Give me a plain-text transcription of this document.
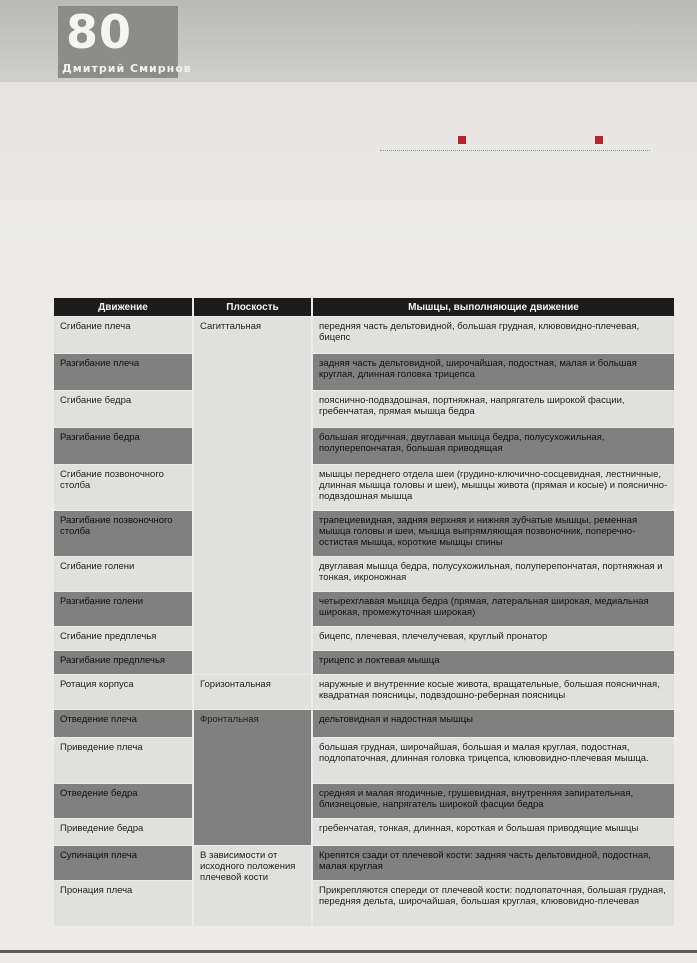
80
Дмитрий Смирнов
Движение	Плоскость	Мышцы, выполняющие движение
Сгибание плеча	Сагиттальная	передняя часть дельтовидной, большая грудная, клювовидно-плечевая, бицепс
Разгибание плеча		задняя часть дельтовидной, широчайшая, подостная, малая и большая круглая, длинная головка трицепса
Сгибание бедра		пояснично-подвздошная, портняжная, напрягатель широкой фасции, гребенчатая, прямая мышца бедра
Разгибание бедра		большая ягодичная, двуглавая мышца бедра, полусухожильная, полуперепончатая, большая приводящая
Сгибание позвоночного столба		мышцы переднего отдела шеи (грудино-ключично-сосцевидная, лестничные, длинная мышца головы и шеи), мышцы живота (прямая и косые) и пояснично-подвздошная мышца
Разгибание позвоночного столба		трапециевидная, задняя верхняя и нижняя зубчатые мышцы, ременная мышца головы и шеи, мышца выпрямляющая позвоночник, поперечно-остистая мышца, короткие мышцы спины
Сгибание голени		двуглавая мышца бедра, полусухожильная, полуперепончатая, портняжная и тонкая, икроножная
Разгибание голени		четырехглавая мышца бедра (прямая, латеральная широкая, медиальная широкая, промежуточная широкая)
Сгибание предплечья		бицепс, плечевая, плечелучевая, круглый пронатор
Разгибание предплечья		трицепс и локтевая мышца
Ротация корпуса	Горизонтальная	наружные и внутренние косые живота, вращательные, большая поясничная, квадратная поясницы, подвздошно-реберная поясницы
Отведение плеча	Фронтальная	дельтовидная и надостная мышцы
Приведение плеча		большая грудная, широчайшая, большая и малая круглая, подостная, подлопаточная, длинная головка трицепса, клювовидно-плечевая мышца.
Отведение бедра		средняя и малая ягодичные, грушевидная, внутренняя запирательная, близнецовые, напрягатель широкой фасции бедра
Приведение бедра		гребенчатая, тонкая, длинная, короткая и большая приводящие мышцы
Супинация плеча	В зависимости от исходного положения плечевой кости	Крепятся сзади от плечевой кости: задняя часть дельтовидной, подостная, малая круглая
Пронация плеча		Прикрепляются спереди от плечевой кости: подлопаточная, большая грудная, передняя дельта, широчайшая, большая круглая, клювовидно-плечевая
